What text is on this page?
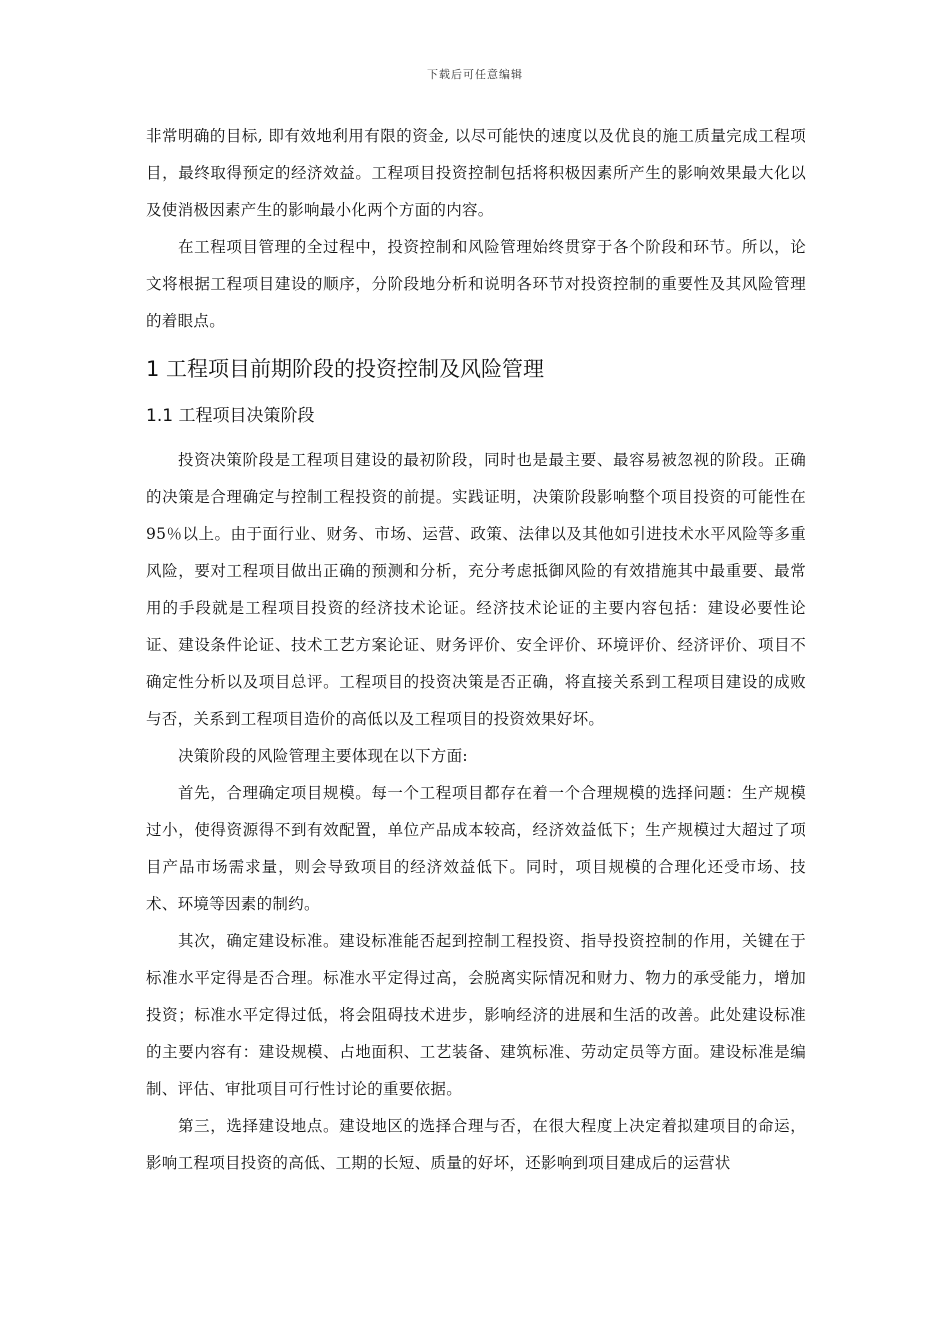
下载后可任意编辑

非常明确的目标, 即有效地利用有限的资金, 以尽可能快的速度以及优良的施工质量完成工程项目，最终取得预定的经济效益。工程项目投资控制包括将积极因素所产生的影响效果最大化以及使消极因素产生的影响最小化两个方面的内容。

在工程项目管理的全过程中，投资控制和风险管理始终贯穿于各个阶段和环节。所以，论文将根据工程项目建设的顺序，分阶段地分析和说明各环节对投资控制的重要性及其风险管理的着眼点。

1 工程项目前期阶段的投资控制及风险管理
1.1 工程项目决策阶段

投资决策阶段是工程项目建设的最初阶段，同时也是最主要、最容易被忽视的阶段。正确的决策是合理确定与控制工程投资的前提。实践证明，决策阶段影响整个项目投资的可能性在 95％以上。由于面行业、财务、市场、运营、政策、法律以及其他如引进技术水平风险等多重风险，要对工程项目做出正确的预测和分析，充分考虑抵御风险的有效措施其中最重要、最常用的手段就是工程项目投资的经济技术论证。经济技术论证的主要内容包括：建设必要性论证、建设条件论证、技术工艺方案论证、财务评价、安全评价、环境评价、经济评价、项目不确定性分析以及项目总评。工程项目的投资决策是否正确，将直接关系到工程项目建设的成败与否，关系到工程项目造价的高低以及工程项目的投资效果好坏。

决策阶段的风险管理主要体现在以下方面:

首先，合理确定项目规模。每一个工程项目都存在着一个合理规模的选择问题：生产规模过小，使得资源得不到有效配置，单位产品成本较高，经济效益低下；生产规模过大超过了项目产品市场需求量，则会导致项目的经济效益低下。同时，项目规模的合理化还受市场、技术、环境等因素的制约。

其次，确定建设标准。建设标准能否起到控制工程投资、指导投资控制的作用，关键在于标准水平定得是否合理。标准水平定得过高，会脱离实际情况和财力、物力的承受能力，增加投资；标准水平定得过低，将会阻碍技术进步，影响经济的进展和生活的改善。此处建设标准的主要内容有：建设规模、占地面积、工艺装备、建筑标准、劳动定员等方面。建设标准是编制、评估、审批项目可行性讨论的重要依据。

第三，选择建设地点。建设地区的选择合理与否，在很大程度上决定着拟建项目的命运，影响工程项目投资的高低、工期的长短、质量的好坏，还影响到项目建成后的运营状
